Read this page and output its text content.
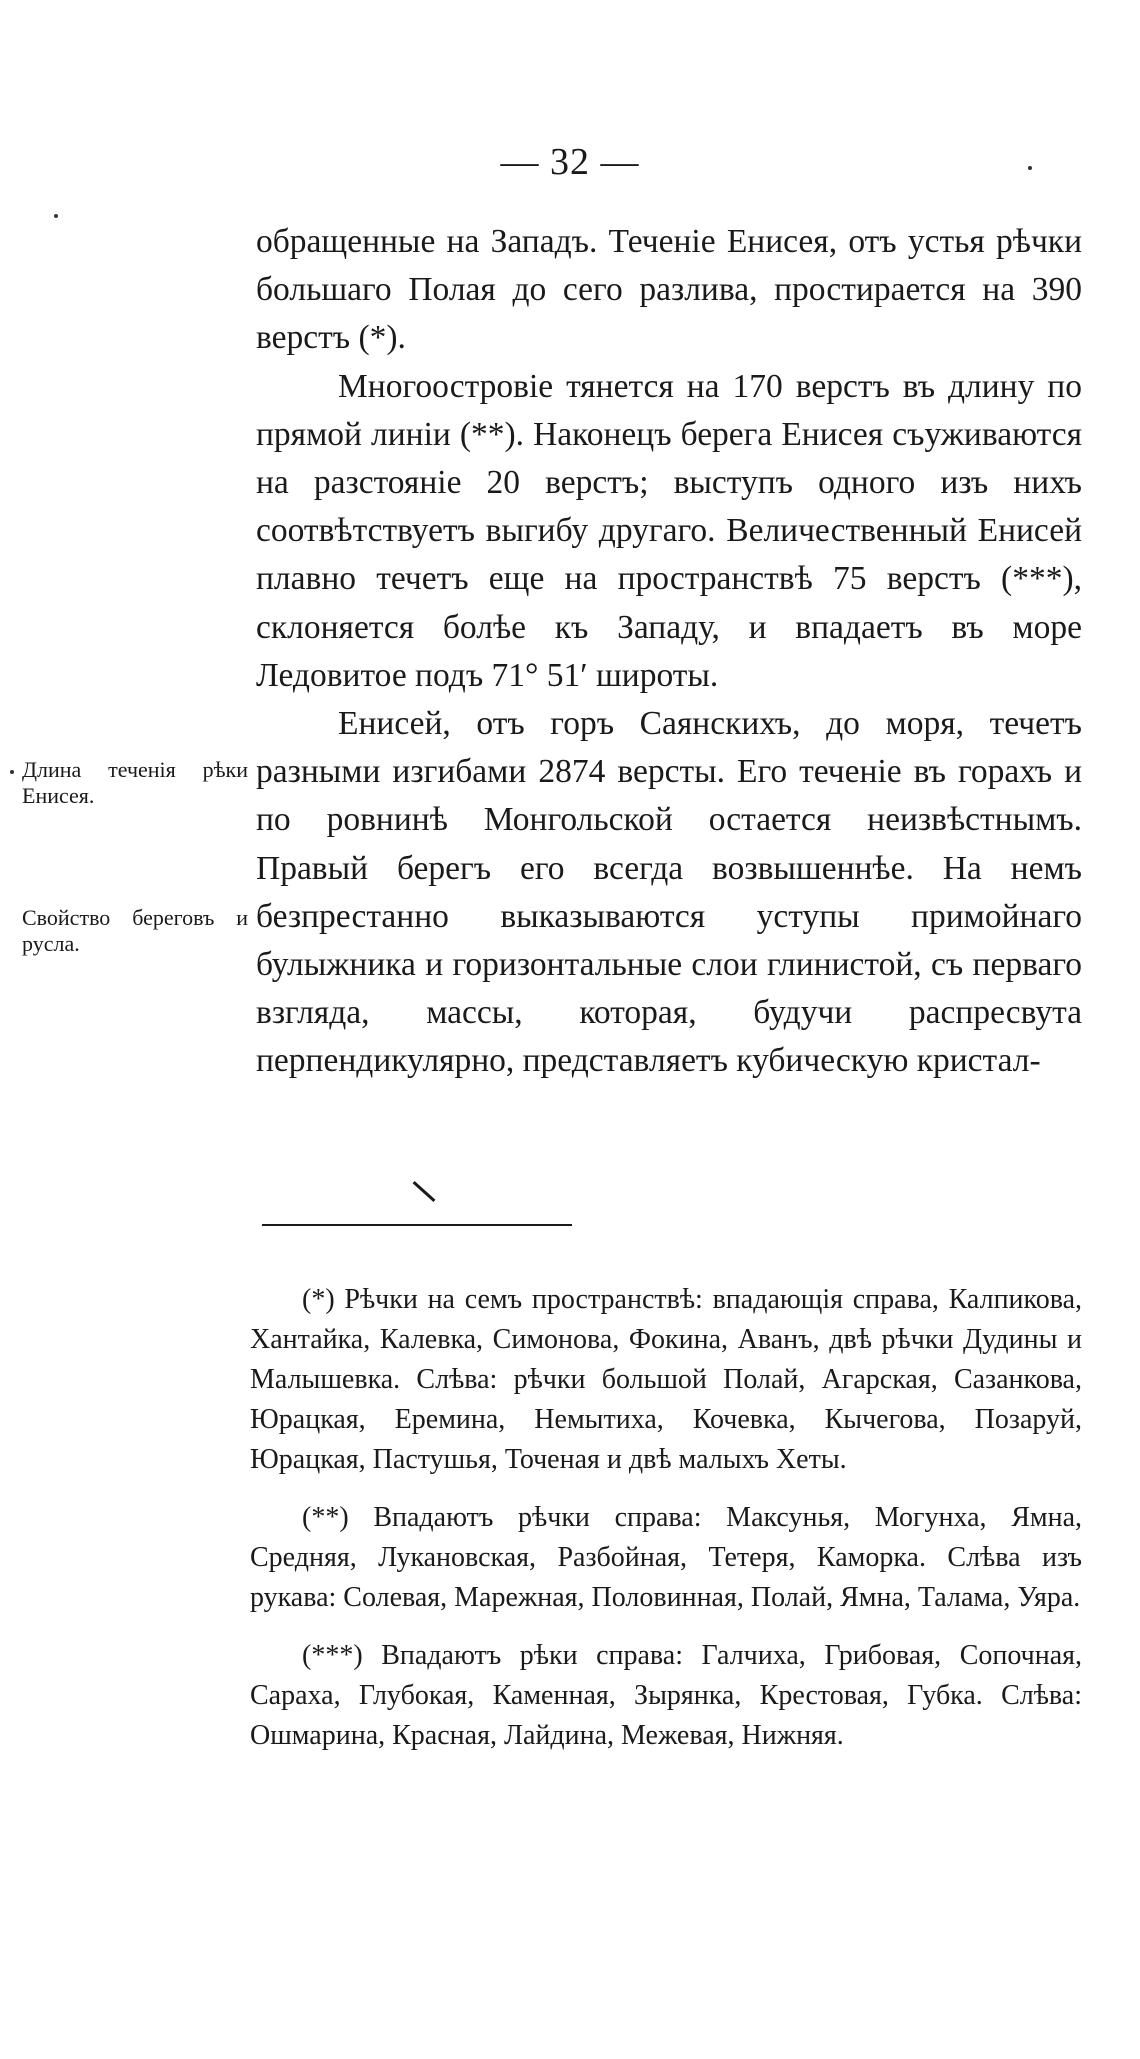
— 32 —

обращенные на Западъ. Теченіе Енисея, отъ устья рѣчки большаго Полая до сего разлива, простирается на 390 верстъ (*).

Многоостровіе тянется на 170 верстъ въ длину по прямой линіи (**). Наконецъ берега Енисея съуживаются на разстояніе 20 верстъ; выступъ одного изъ нихъ соотвѣтствуетъ выгибу другаго. Величественный Енисей плавно течетъ еще на пространствѣ 75 верстъ (***), склоняется болѣе къ Западу, и впадаетъ въ море Ледовитое подъ 71° 51′ широты.

Енисей, отъ горъ Саянскихъ, до моря, течетъ разными изгибами 2874 версты. Его теченіе въ горахъ и по ровнинѣ Монгольской остается неизвѣстнымъ. Правый берегъ его всегда возвышеннѣе. На немъ безпрестанно выказываются уступы примойнаго булыжника и горизонтальные слои глинистой, съ перваго взгляда, массы, которая, будучи распресвута перпендикулярно, представляетъ кубическую кристал-

Длина теченія рѣки Енисея.
Свойство береговъ и русла.

(*) Рѣчки на семъ пространствѣ: впадающія справа, Калпикова, Хантайка, Калевка, Симонова, Фокина, Аванъ, двѣ рѣчки Дудины и Малышевка. Слѣва: рѣчки большой Полай, Агарская, Сазанкова, Юрацкая, Еремина, Немытиха, Кочевка, Кычегова, Позаруй, Юрацкая, Пастушья, Точеная и двѣ малыхъ Хеты.

(**) Впадаютъ рѣчки справа: Максунья, Могунха, Ямна, Средняя, Лукановская, Разбойная, Тетеря, Каморка. Слѣва изъ рукава: Солевая, Марежная, Половинная, Полай, Ямна, Талама, Уяра.

(***) Впадаютъ рѣки справа: Галчиха, Грибовая, Сопочная, Сараха, Глубокая, Каменная, Зырянка, Крестовая, Губка. Слѣва: Ошмарина, Красная, Лайдина, Межевая, Нижняя.
